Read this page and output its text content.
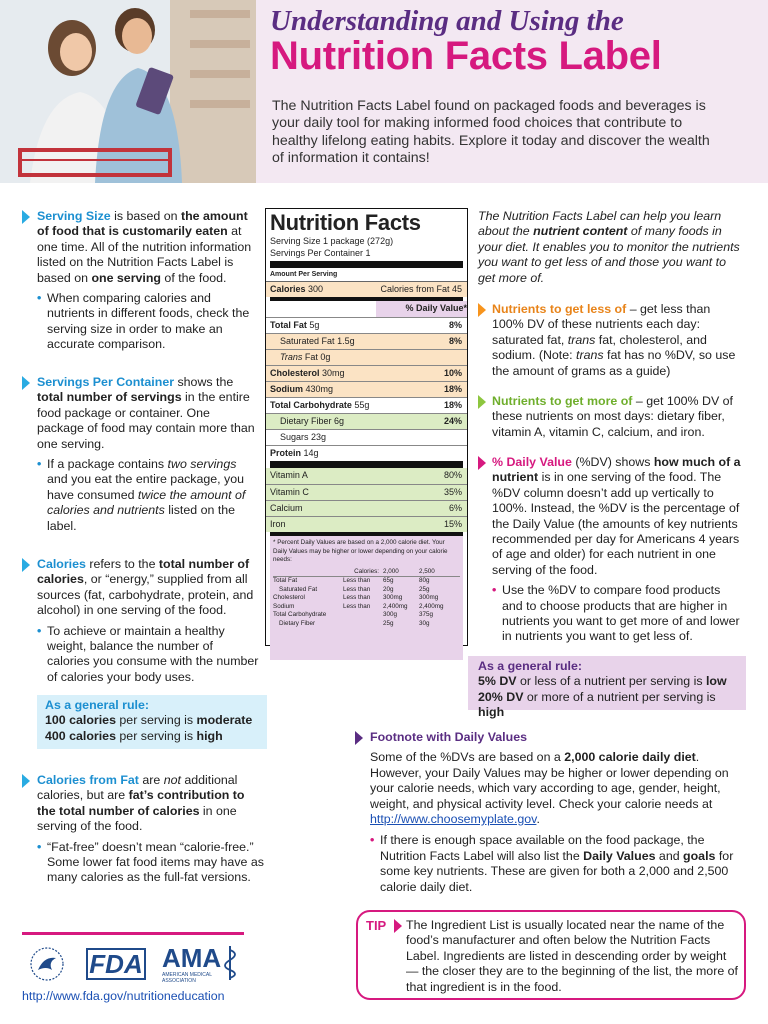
Understanding and Using the
Nutrition Facts Label
The Nutrition Facts Label found on packaged foods and beverages is your daily tool for making informed food choices that contribute to healthy lifelong eating habits. Explore it today and discover the wealth of information it contains!
Serving Size is based on the amount of food that is customarily eaten at one time. All of the nutrition information listed on the Nutrition Facts Label is based on one serving of the food.
• When comparing calories and nutrients in different foods, check the serving size in order to make an accurate comparison.
Servings Per Container shows the total number of servings in the entire food package or container. One package of food may contain more than one serving.
• If a package contains two servings and you eat the entire package, you have consumed twice the amount of calories and nutrients listed on the label.
Calories refers to the total number of calories, or “energy,” supplied from all sources (fat, carbohydrate, protein, and alcohol) in one serving of the food.
• To achieve or maintain a healthy weight, balance the number of calories you consume with the number of calories your body uses.
As a general rule:
100 calories per serving is moderate
400 calories per serving is high
Calories from Fat are not additional calories, but are fat’s contribution to the total number of calories in one serving of the food.
• “Fat-free” doesn’t mean “calorie-free.” Some lower fat food items may have as many calories as the full-fat versions.
Nutrition Facts
Serving Size 1 package (272g)
Servings Per Container 1
Amount Per Serving
Calories 300	Calories from Fat 45
% Daily Value*
Total Fat 5g	8%
Saturated Fat 1.5g	8%
Trans Fat 0g
Cholesterol 30mg	10%
Sodium 430mg	18%
Total Carbohydrate 55g	18%
Dietary Fiber 6g	24%
Sugars 23g
Protein 14g
Vitamin A	80%
Vitamin C	35%
Calcium	6%
Iron	15%
* Percent Daily Values are based on a 2,000 calorie diet. Your Daily Values may be higher or lower depending on your calorie needs:
	Calories:	2,000	2,500
Total Fat	Less than	65g	80g
Saturated Fat	Less than	20g	25g
Cholesterol	Less than	300mg	300mg
Sodium	Less than	2,400mg	2,400mg
Total Carbohydrate		300g	375g
Dietary Fiber		25g	30g
The Nutrition Facts Label can help you learn about the nutrient content of many foods in your diet. It enables you to monitor the nutrients you want to get less of and those you want to get more of.
Nutrients to get less of – get less than 100% DV of these nutrients each day: saturated fat, trans fat, cholesterol, and sodium. (Note: trans fat has no %DV, so use the amount of grams as a guide)
Nutrients to get more of – get 100% DV of these nutrients on most days: dietary fiber, vitamin A, vitamin C, calcium, and iron.
% Daily Value (%DV) shows how much of a nutrient is in one serving of the food. The %DV column doesn’t add up vertically to 100%. Instead, the %DV is the percentage of the Daily Value (the amounts of key nutrients recommended per day for Americans 4 years of age and older) for each nutrient in one serving of the food.
• Use the %DV to compare food products and to choose products that are higher in nutrients you want to get more of and lower in nutrients you want to get less of.
As a general rule:
5% DV or less of a nutrient per serving is low
20% DV or more of a nutrient per serving is high
Footnote with Daily Values
Some of the %DVs are based on a 2,000 calorie daily diet. However, your Daily Values may be higher or lower depending on your calorie needs, which vary according to age, gender, height, weight, and physical activity level. Check your calorie needs at http://www.choosemyplate.gov.
• If there is enough space available on the food package, the Nutrition Facts Label will also list the Daily Values and goals for some key nutrients. These are given for both a 2,000 and 2,500 calorie daily diet.
TIP The Ingredient List is usually located near the name of the food’s manufacturer and often below the Nutrition Facts Label. Ingredients are listed in descending order by weight — the closer they are to the beginning of the list, the more of that ingredient is in the food.
FDA AMA
AMERICAN MEDICAL ASSOCIATION
http://www.fda.gov/nutritioneducation
